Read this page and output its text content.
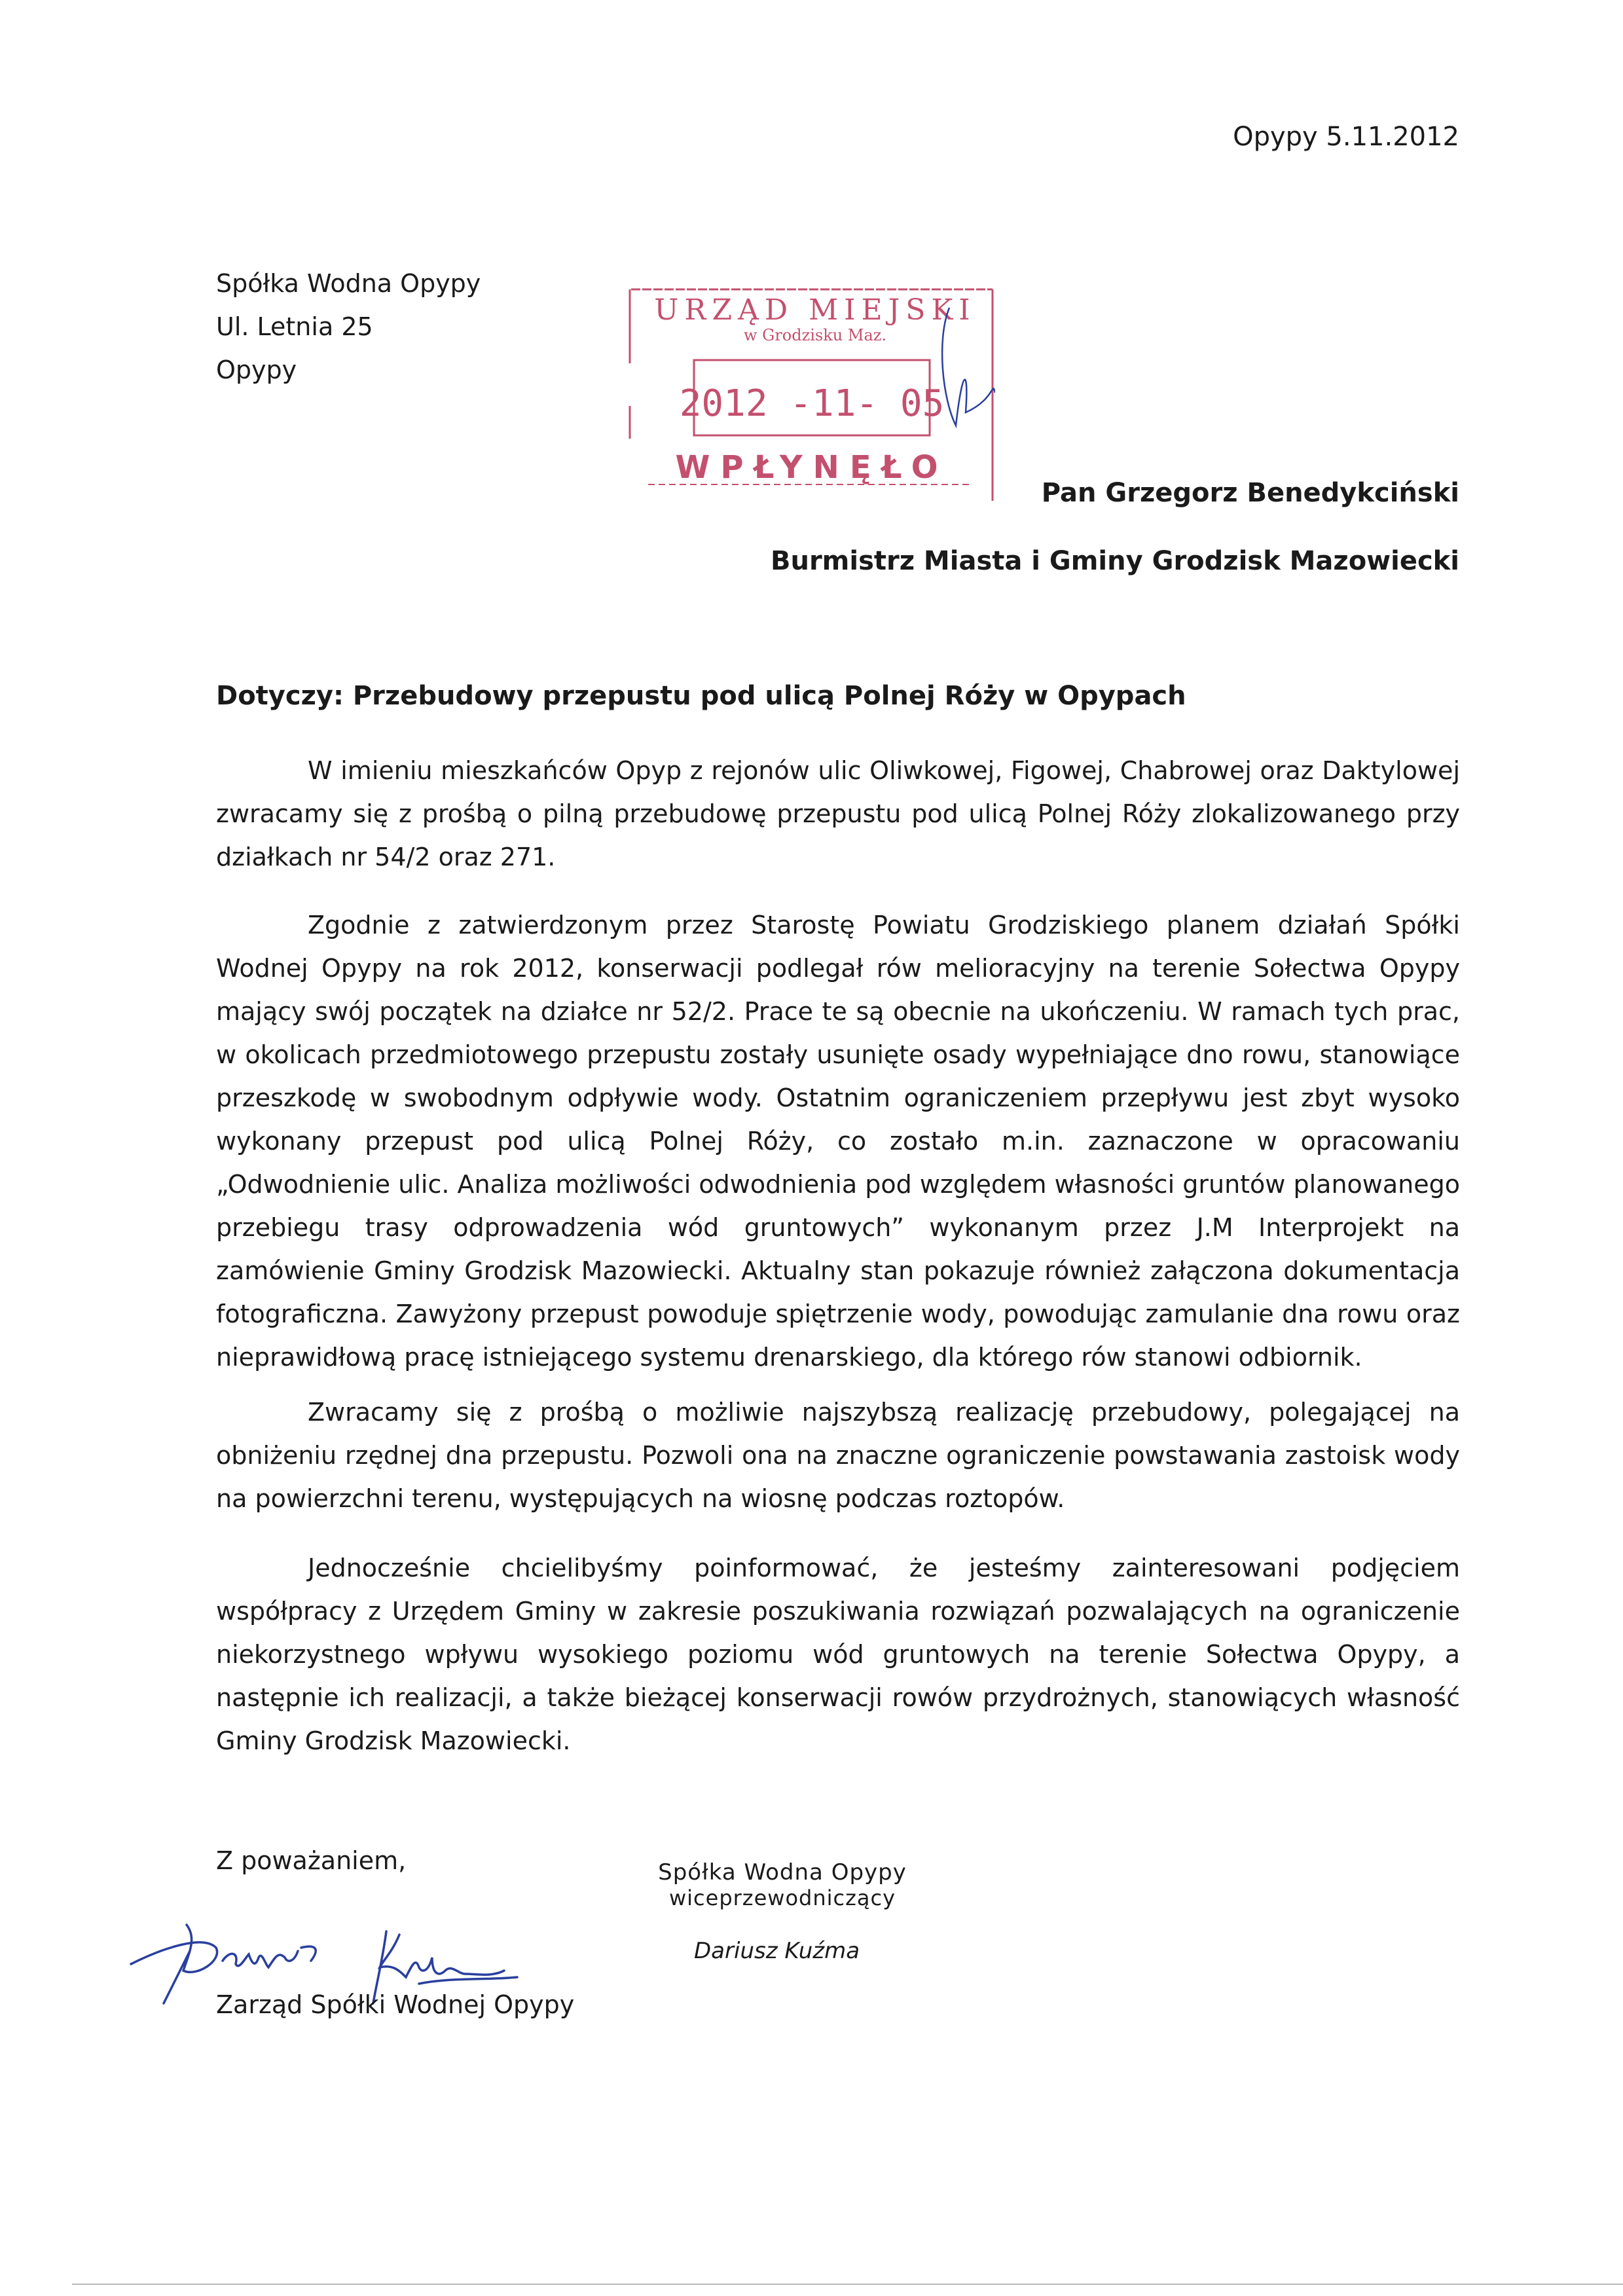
Opypy 5.11.2012
Spółka Wodna Opypy
Ul. Letnia 25
Opypy
URZĄD MIEJSKI
w Grodzisku Maz.
2012 -11- 05
WPŁYNĘŁO
Pan Grzegorz Benedykciński
Burmistrz Miasta i Gminy Grodzisk Mazowiecki
Dotyczy: Przebudowy przepustu pod ulicą Polnej Róży w Opypach
W imieniu mieszkańców Opyp z rejonów ulic Oliwkowej, Figowej, Chabrowej oraz Daktylowej zwracamy się z prośbą o pilną przebudowę przepustu pod ulicą Polnej Róży zlokalizowanego przy działkach nr 54/2 oraz 271.
Zgodnie z zatwierdzonym przez Starostę Powiatu Grodziskiego planem działań Spółki Wodnej Opypy na rok 2012, konserwacji podlegał rów melioracyjny na terenie Sołectwa Opypy mający swój początek na działce nr 52/2. Prace te są obecnie na ukończeniu. W ramach tych prac, w okolicach przedmiotowego przepustu zostały usunięte osady wypełniające dno rowu, stanowiące przeszkodę w swobodnym odpływie wody. Ostatnim ograniczeniem przepływu jest zbyt wysoko wykonany przepust pod ulicą Polnej Róży, co zostało m.in. zaznaczone w opracowaniu „Odwodnienie ulic. Analiza możliwości odwodnienia pod względem własności gruntów planowanego przebiegu trasy odprowadzenia wód gruntowych” wykonanym przez J.M Interprojekt na zamówienie Gminy Grodzisk Mazowiecki. Aktualny stan pokazuje również załączona dokumentacja fotograficzna. Zawyżony przepust powoduje spiętrzenie wody, powodując zamulanie dna rowu oraz nieprawidłową pracę istniejącego systemu drenarskiego, dla którego rów stanowi odbiornik.
Zwracamy się z prośbą o możliwie najszybszą realizację przebudowy, polegającej na obniżeniu rzędnej dna przepustu. Pozwoli ona na znaczne ograniczenie powstawania zastoisk wody na powierzchni terenu, występujących na wiosnę podczas roztopów.
Jednocześnie chcielibyśmy poinformować, że jesteśmy zainteresowani podjęciem współpracy z Urzędem Gminy w zakresie poszukiwania rozwiązań pozwalających na ograniczenie niekorzystnego wpływu wysokiego poziomu wód gruntowych na terenie Sołectwa Opypy, a następnie ich realizacji, a także bieżącej konserwacji rowów przydrożnych, stanowiących własność Gminy Grodzisk Mazowiecki.
Z poważaniem,
Zarząd Spółki Wodnej Opypy
Spółka Wodna Opypy
wiceprzewodniczący
Dariusz Kuźma
